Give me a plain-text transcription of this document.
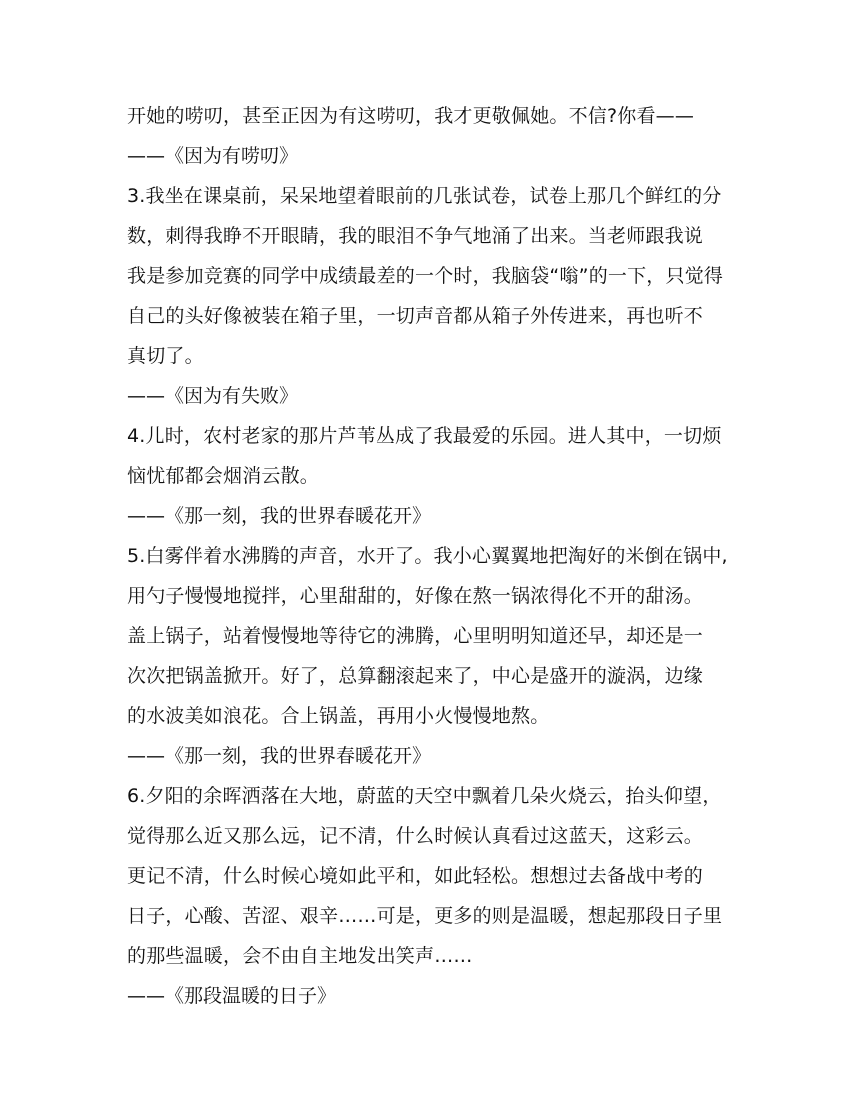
开她的唠叨，甚至正因为有这唠叨，我才更敬佩她。不信?你看——
——《因为有唠叨》
3.我坐在课桌前，呆呆地望着眼前的几张试卷，试卷上那几个鲜红的分
数，刺得我睁不开眼睛，我的眼泪不争气地涌了出来。当老师跟我说
我是参加竞赛的同学中成绩最差的一个时，我脑袋“嗡”的一下，只觉得
自己的头好像被装在箱子里，一切声音都从箱子外传进来，再也听不
真切了。
——《因为有失败》
4.儿时，农村老家的那片芦苇丛成了我最爱的乐园。进人其中，一切烦
恼忧郁都会烟消云散。
——《那一刻，我的世界春暖花开》
5.白雾伴着水沸腾的声音，水开了。我小心翼翼地把淘好的米倒在锅中,
用勺子慢慢地搅拌，心里甜甜的，好像在熬一锅浓得化不开的甜汤。
盖上锅子，站着慢慢地等待它的沸腾，心里明明知道还早，却还是一
次次把锅盖掀开。好了，总算翻滚起来了，中心是盛开的漩涡，边缘
的水波美如浪花。合上锅盖，再用小火慢慢地熬。
——《那一刻，我的世界春暖花开》
6.夕阳的余晖洒落在大地，蔚蓝的天空中飘着几朵火烧云，抬头仰望，
觉得那么近又那么远，记不清，什么时候认真看过这蓝天，这彩云。
更记不清，什么时候心境如此平和，如此轻松。想想过去备战中考的
日子，心酸、苦涩、艰辛……可是，更多的则是温暖，想起那段日子里
的那些温暖，会不由自主地发出笑声……
——《那段温暖的日子》
